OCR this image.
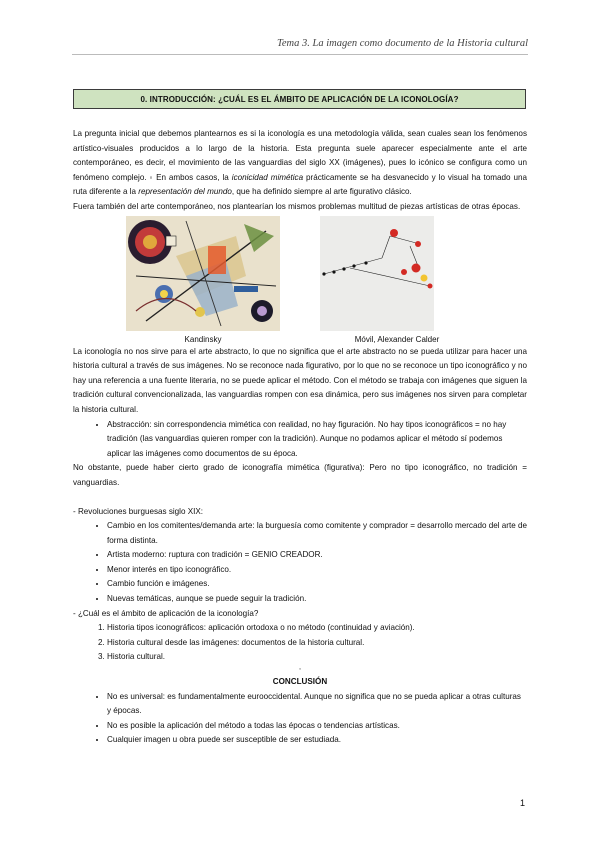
Tema 3. La imagen como documento de la Historia cultural
0. INTRODUCCIÓN: ¿CUÁL ES EL ÁMBITO DE APLICACIÓN DE LA ICONOLOGÍA?

La pregunta inicial que debemos plantearnos es si la iconología es una metodología válida, sean cuales sean los fenómenos artístico-visuales producidos a lo largo de la historia. Esta pregunta suele aparecer especialmente ante el arte contemporáneo, es decir, el movimiento de las vanguardias del siglo XX (imágenes), pues lo icónico se configura como un fenómeno complejo. ◦ En ambos casos, la iconicidad mimética prácticamente se ha desvanecido y lo visual ha tomado una ruta diferente a la representación del mundo, que ha definido siempre al arte figurativo clásico.

Fuera también del arte contemporáneo, nos plantearían los mismos problemas multitud de piezas artísticas de otras épocas.

Kandinsky	Móvil, Alexander Calder

La iconología no nos sirve para el arte abstracto, lo que no significa que el arte abstracto no se pueda utilizar para hacer una historia cultural a través de sus imágenes. No se reconoce nada figurativo, por lo que no se reconoce un tipo iconográfico y no hay una referencia a una fuente literaria, no se puede aplicar el método. Con el método se trabaja con imágenes que siguen la tradición cultural convencionalizada, las vanguardias rompen con esa dinámica, pero sus imágenes nos sirven para completar la historia cultural.

• Abstracción: sin correspondencia mimética con realidad, no hay figuración. No hay tipos iconográficos = no hay tradición (las vanguardias quieren romper con la tradición). Aunque no podamos aplicar el método sí podemos aplicar las imágenes como documentos de su época.

No obstante, puede haber cierto grado de iconografía mimética (figurativa): Pero no tipo iconográfico, no tradición = vanguardias.

- Revoluciones burguesas siglo XIX:

• Cambio en los comitentes/demanda arte: la burguesía como comitente y comprador = desarrollo mercado del arte de forma distinta.
• Artista moderno: ruptura con tradición = GENIO CREADOR.
• Menor interés en tipo iconográfico.
• Cambio función e imágenes.
• Nuevas temáticas, aunque se puede seguir la tradición.

- ¿Cuál es el ámbito de aplicación de la iconología?

1. Historia tipos iconográficos: aplicación ortodoxa o no método (continuidad y aviación).
2. Historia cultural desde las imágenes: documentos de la historia cultural.
3. Historia cultural.
◦

CONCLUSIÓN

• No es universal: es fundamentalmente eurooccidental. Aunque no significa que no se pueda aplicar a otras culturas y épocas.
• No es posible la aplicación del método a todas las épocas o tendencias artísticas.
• Cualquier imagen u obra puede ser susceptible de ser estudiada.
1
